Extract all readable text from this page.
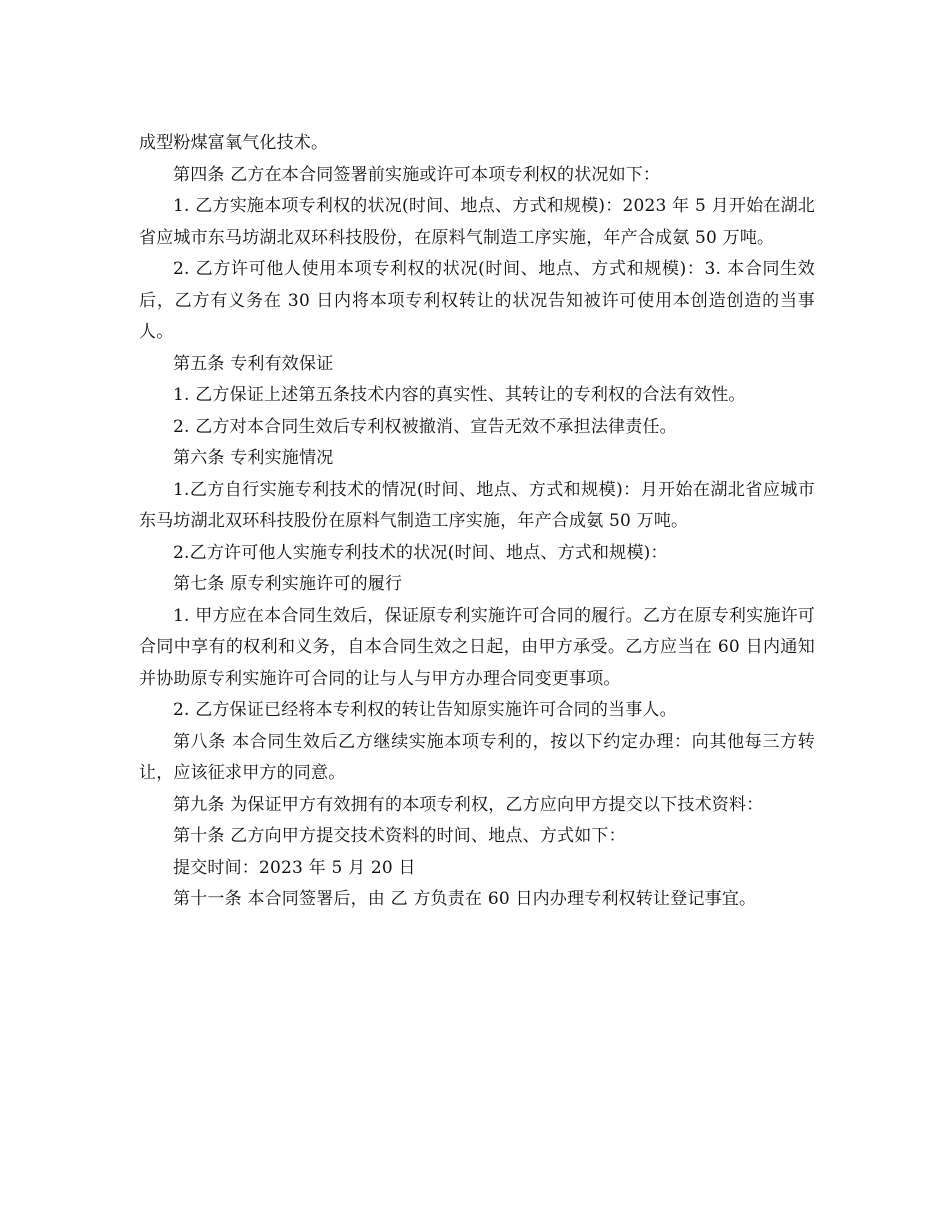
成型粉煤富氧气化技术。

第四条 乙方在本合同签署前实施或许可本项专利权的状况如下：

1. 乙方实施本项专利权的状况(时间、地点、方式和规模)：2023 年 5 月开始在湖北省应城市东马坊湖北双环科技股份，在原料气制造工序实施，年产合成氨 50 万吨。

2. 乙方许可他人使用本项专利权的状况(时间、地点、方式和规模)：3. 本合同生效后，乙方有义务在 30 日内将本项专利权转让的状况告知被许可使用本创造创造的当事人。

第五条 专利有效保证

1. 乙方保证上述第五条技术内容的真实性、其转让的专利权的合法有效性。

2. 乙方对本合同生效后专利权被撤消、宣告无效不承担法律责任。

第六条 专利实施情况

1.乙方自行实施专利技术的情况(时间、地点、方式和规模)：月开始在湖北省应城市东马坊湖北双环科技股份在原料气制造工序实施，年产合成氨 50 万吨。

2.乙方许可他人实施专利技术的状况(时间、地点、方式和规模)：

第七条 原专利实施许可的履行

1. 甲方应在本合同生效后，保证原专利实施许可合同的履行。乙方在原专利实施许可合同中享有的权利和义务，自本合同生效之日起，由甲方承受。乙方应当在 60 日内通知并协助原专利实施许可合同的让与人与甲方办理合同变更事项。

2. 乙方保证已经将本专利权的转让告知原实施许可合同的当事人。

第八条 本合同生效后乙方继续实施本项专利的，按以下约定办理：向其他每三方转让，应该征求甲方的同意。

第九条 为保证甲方有效拥有的本项专利权，乙方应向甲方提交以下技术资料：

第十条 乙方向甲方提交技术资料的时间、地点、方式如下：

提交时间：2023 年 5 月 20 日

第十一条 本合同签署后，由 乙 方负责在 60 日内办理专利权转让登记事宜。
